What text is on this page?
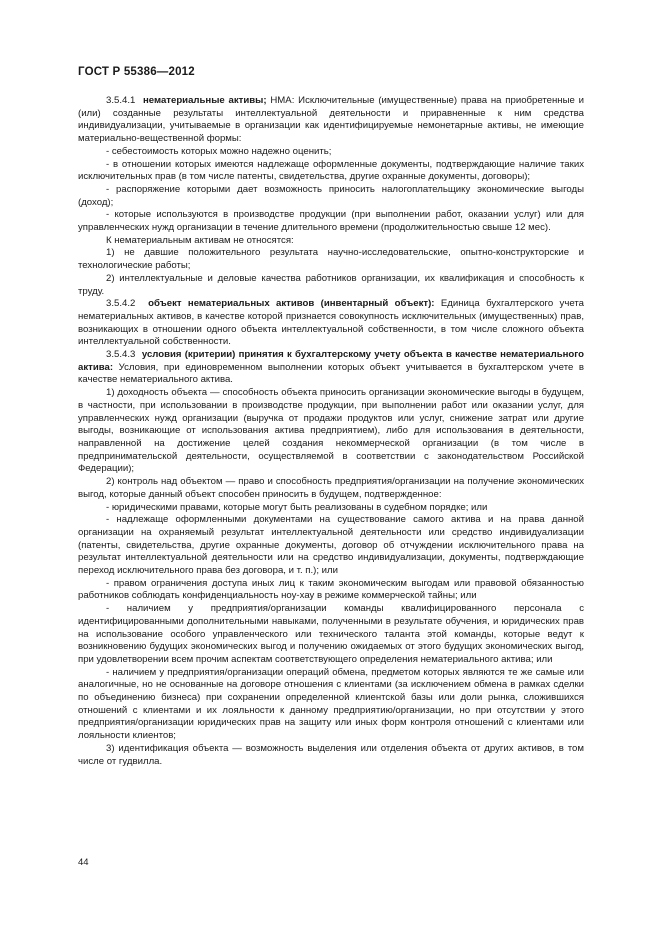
ГОСТ Р 55386—2012

3.5.4.1 нематериальные активы; НМА: Исключительные (имущественные) права на приобретенные и (или) созданные результаты интеллектуальной деятельности и приравненные к ним средства индивидуализации, учитываемые в организации как идентифицируемые немонетарные активы, не имеющие материально-вещественной формы:

- себестоимость которых можно надежно оценить;

- в отношении которых имеются надлежаще оформленные документы, подтверждающие наличие таких исключительных прав (в том числе патенты, свидетельства, другие охранные документы, договоры);

- распоряжение которыми дает возможность приносить налогоплательщику экономические выгоды (доход);

- которые используются в производстве продукции (при выполнении работ, оказании услуг) или для управленческих нужд организации в течение длительного времени (продолжительностью свыше 12 мес).

К нематериальным активам не относятся:

1) не давшие положительного результата научно-исследовательские, опытно-конструкторские и технологические работы;

2) интеллектуальные и деловые качества работников организации, их квалификация и способность к труду.

3.5.4.2 объект нематериальных активов (инвентарный объект): Единица бухгалтерского учета нематериальных активов, в качестве которой признается совокупность исключительных (имущественных) прав, возникающих в отношении одного объекта интеллектуальной собственности, в том числе сложного объекта интеллектуальной собственности.

3.5.4.3 условия (критерии) принятия к бухгалтерскому учету объекта в качестве нематериального актива: Условия, при единовременном выполнении которых объект учитывается в бухгалтерском учете в качестве нематериального актива.

1) доходность объекта — способность объекта приносить организации экономические выгоды в будущем, в частности, при использовании в производстве продукции, при выполнении работ или оказании услуг, для управленческих нужд организации (выручка от продажи продуктов или услуг, снижение затрат или другие выгоды, возникающие от использования актива предприятием), либо для использования в деятельности, направленной на достижение целей создания некоммерческой организации (в том числе в предпринимательской деятельности, осуществляемой в соответствии с законодательством Российской Федерации);

2) контроль над объектом — право и способность предприятия/организации на получение экономических выгод, которые данный объект способен приносить в будущем, подтвержденное:

- юридическими правами, которые могут быть реализованы в судебном порядке; или

- надлежаще оформленными документами на существование самого актива и на права данной организации на охраняемый результат интеллектуальной деятельности или средство индивидуализации (патенты, свидетельства, другие охранные документы, договор об отчуждении исключительного права на результат интеллектуальной деятельности или на средство индивидуализации, документы, подтверждающие переход исключительного права без договора, и т. п.); или

- правом ограничения доступа иных лиц к таким экономическим выгодам или правовой обязанностью работников соблюдать конфиденциальность ноу-хау в режиме коммерческой тайны; или

- наличием у предприятия/организации команды квалифицированного персонала с идентифицированными дополнительными навыками, полученными в результате обучения, и юридических прав на использование особого управленческого или технического таланта этой команды, которые ведут к возникновению будущих экономических выгод и получению ожидаемых от этого будущих экономических выгод, при удовлетворении всем прочим аспектам соответствующего определения нематериального актива; или

- наличием у предприятия/организации операций обмена, предметом которых являются те же самые или аналогичные, но не основанные на договоре отношения с клиентами (за исключением обмена в рамках сделки по объединению бизнеса) при сохранении определенной клиентской базы или доли рынка, сложившихся отношений с клиентами и их лояльности к данному предприятию/организации, но при отсутствии у этого предприятия/организации юридических прав на защиту или иных форм контроля отношений с клиентами или лояльности клиентов;

3) идентификация объекта — возможность выделения или отделения объекта от других активов, в том числе от гудвилла.

44
